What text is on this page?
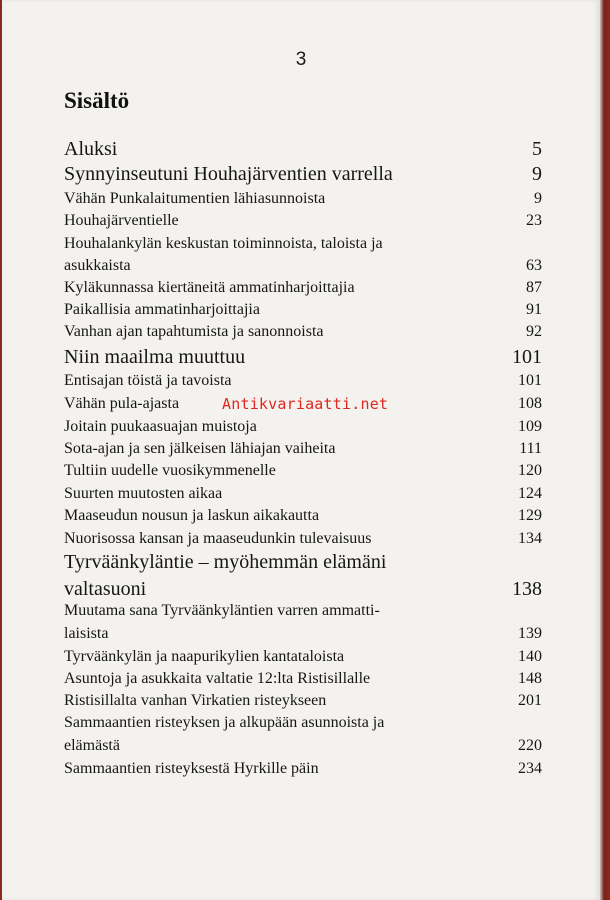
3
Sisältö
Aluksi	5
Synnyinseutuni Houhajärventien varrella	9
Vähän Punkalaitumentien lähiasunnoista	9
Houhajärventielle	23
Houhalankylän keskustan toiminnoista, taloista ja
asukkaista	63
Kyläkunnassa kiertäneitä ammatinharjoittajia	87
Paikallisia ammatinharjoittajia	91
Vanhan ajan tapahtumista ja sanonnoista	92
Niin maailma muuttuu	101
Entisajan töistä ja tavoista	101
Vähän pula-ajasta	108
Joitain puukaasuajan muistoja	109
Sota-ajan ja sen jälkeisen lähiajan vaiheita	111
Tultiin uudelle vuosikymmenelle	120
Suurten muutosten aikaa	124
Maaseudun nousun ja laskun aikakautta	129
Nuorisossa kansan ja maaseudunkin tulevaisuus	134
Tyrväänkyläntie – myöhemmän elämäni
valtasuoni	138
Muutama sana Tyrväänkyläntien varren ammatti-
laisista	139
Tyrväänkylän ja naapurikylien kantataloista	140
Asuntoja ja asukkaita valtatie 12:lta Ristisillalle	148
Ristisillalta vanhan Virkatien risteykseen	201
Sammaantien risteyksen ja alkupään asunnoista ja
elämästä	220
Sammaantien risteyksestä Hyrkille päin	234
Antikvariaatti.net
